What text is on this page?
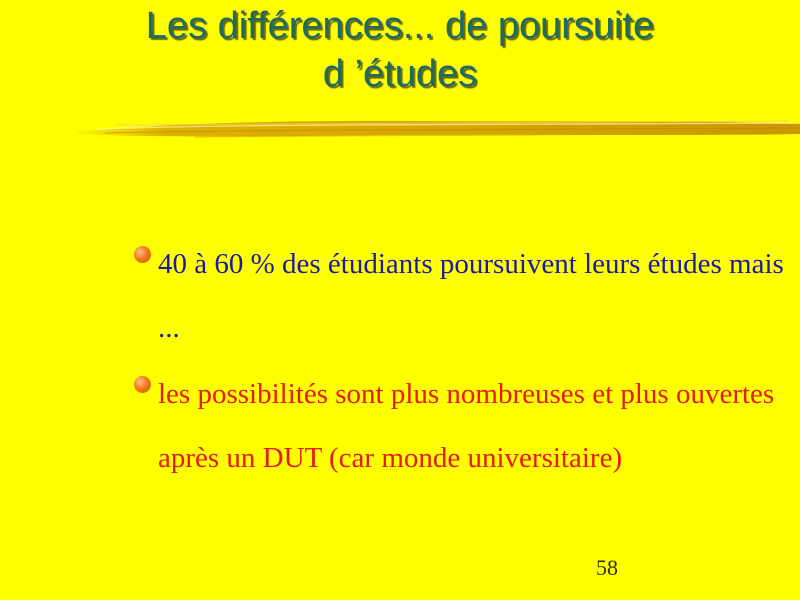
Les différences... de poursuite
d ’études
40 à 60 % des étudiants poursuivent leurs études mais ...
les possibilités sont plus nombreuses et plus ouvertes après un DUT (car monde universitaire)
58
